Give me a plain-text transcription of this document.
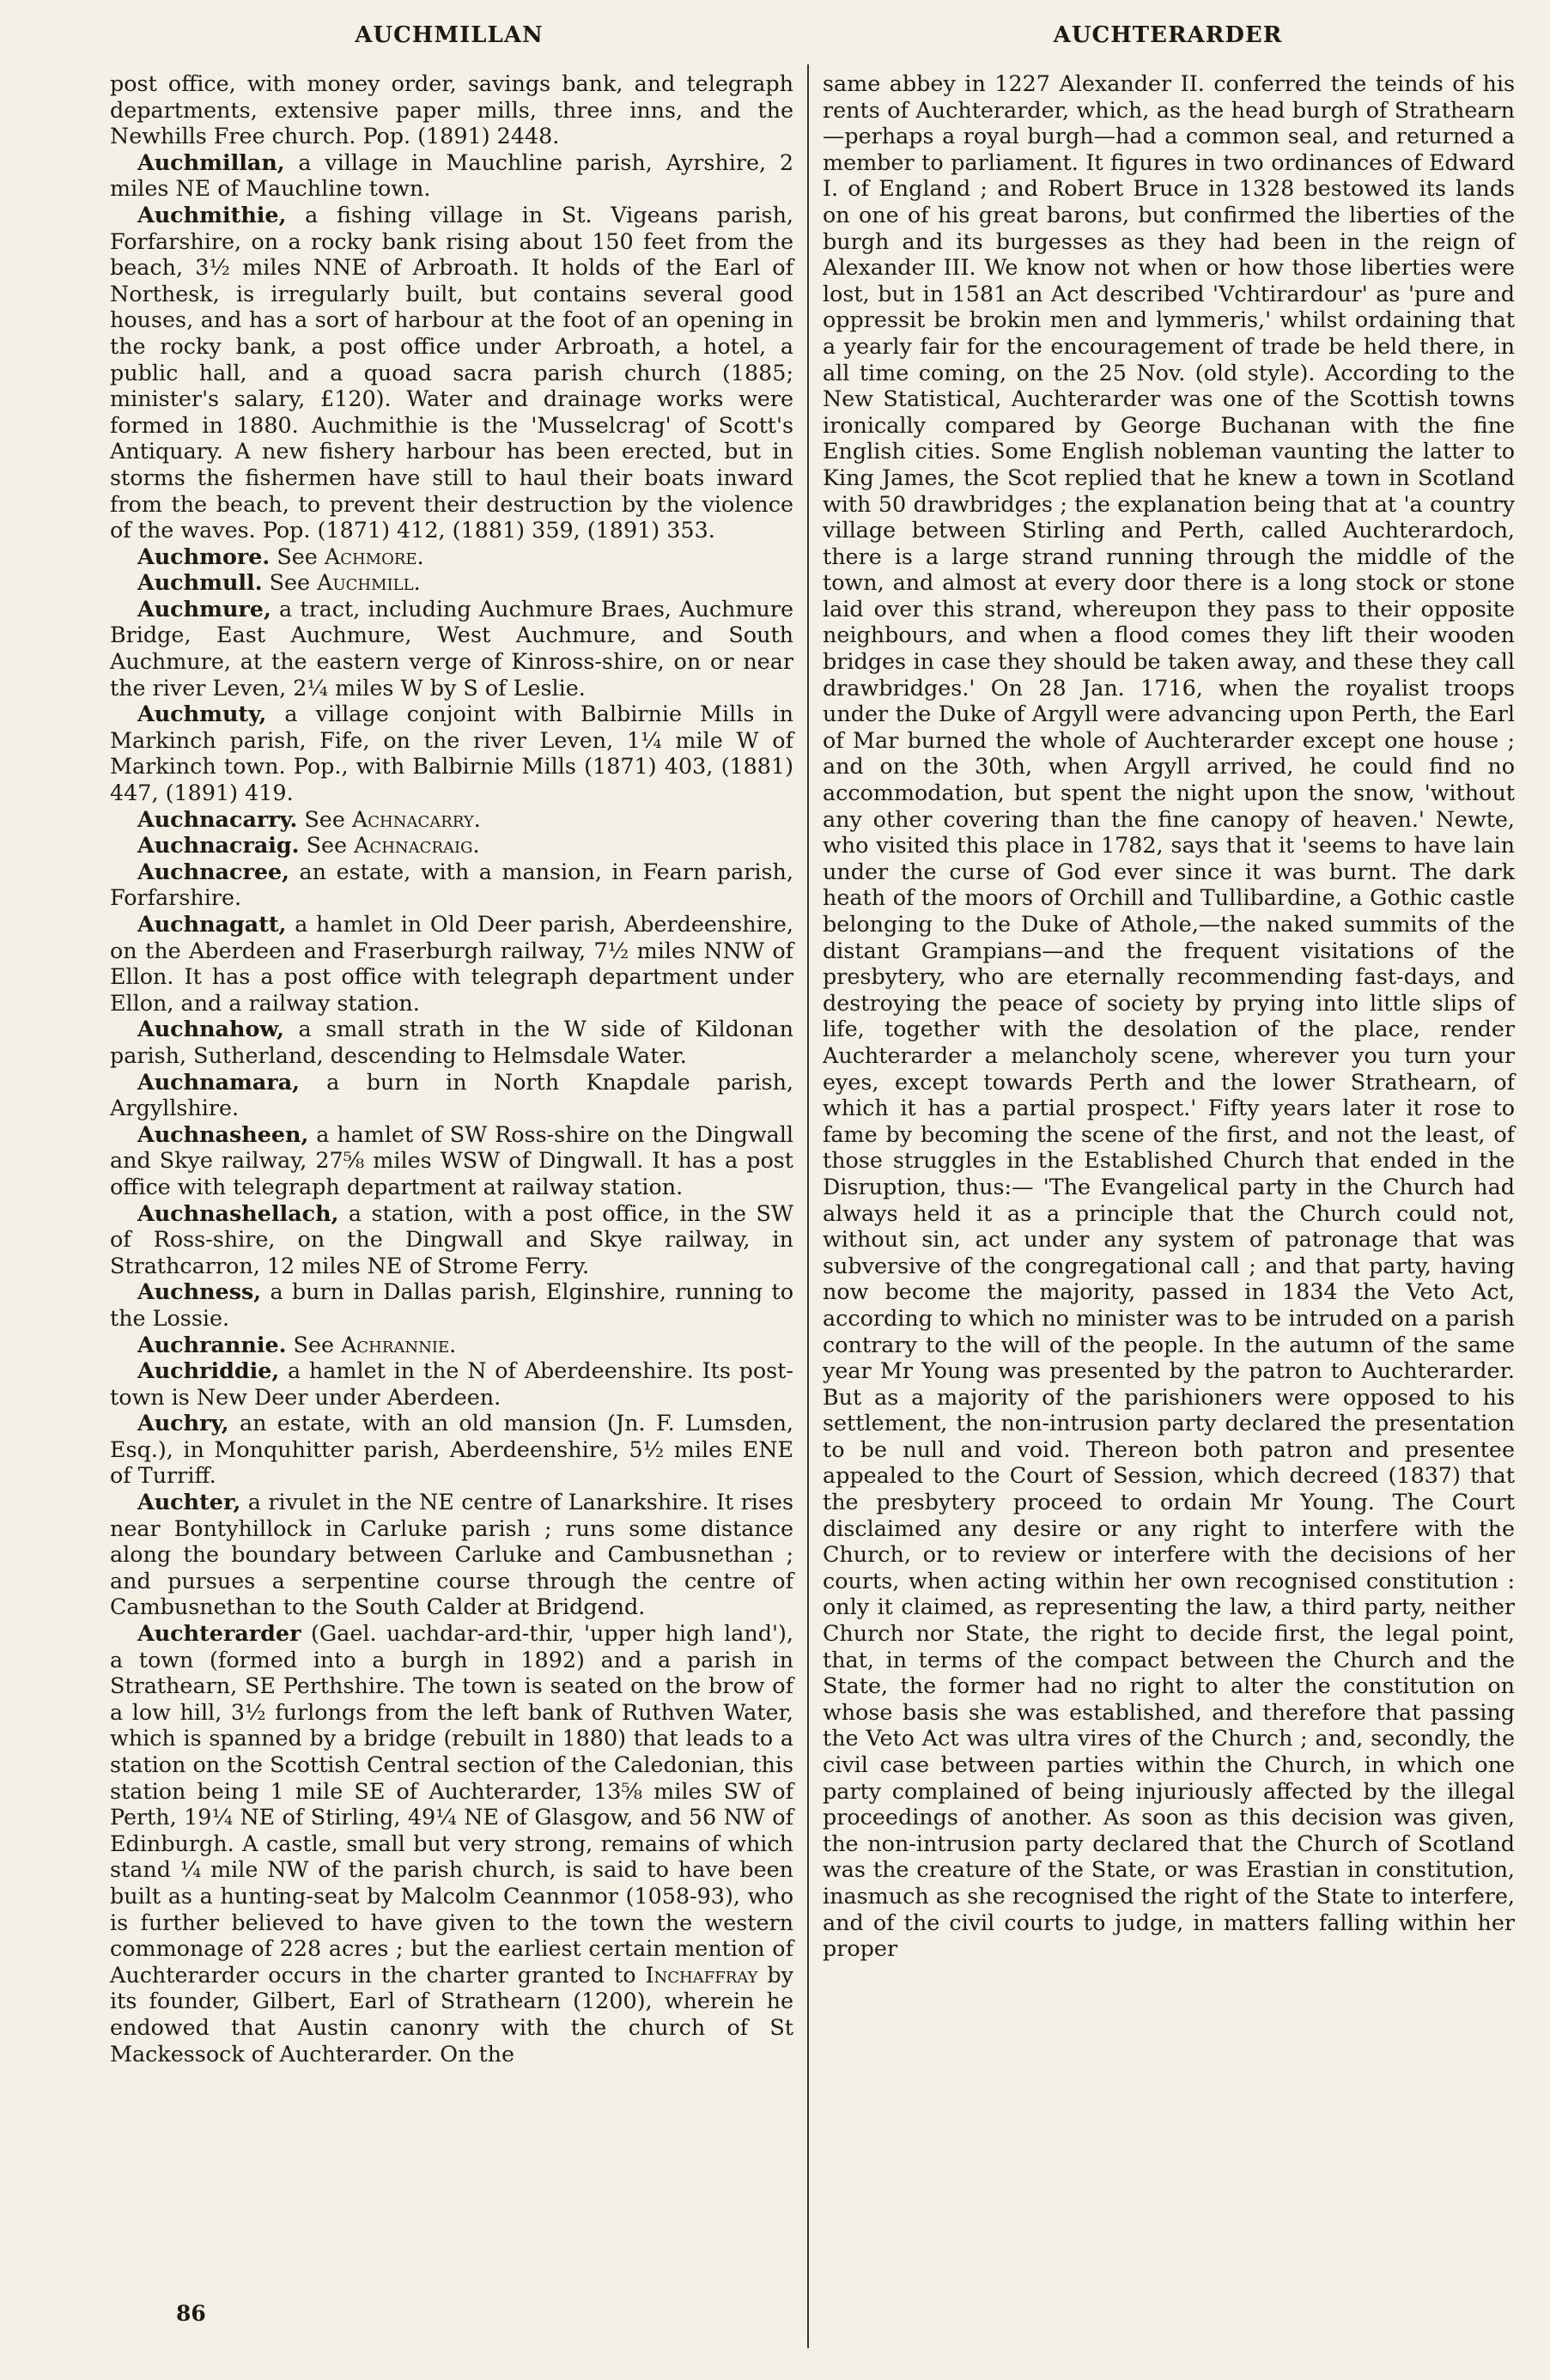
AUCHMILLAN	AUCHTERARDER

post office, with money order, savings bank, and telegraph departments, extensive paper mills, three inns, and the Newhills Free church. Pop. (1891) 2448.

Auchmillan, a village in Mauchline parish, Ayrshire, 2 miles NE of Mauchline town.

Auchmithie, a fishing village in St. Vigeans parish, Forfarshire, on a rocky bank rising about 150 feet from the beach, 3½ miles NNE of Arbroath. It holds of the Earl of Northesk, is irregularly built, but contains several good houses, and has a sort of harbour at the foot of an opening in the rocky bank, a post office under Arbroath, a hotel, a public hall, and a quoad sacra parish church (1885; minister's salary, £120). Water and drainage works were formed in 1880. Auchmithie is the 'Musselcrag' of Scott's Antiquary. A new fishery harbour has been erected, but in storms the fishermen have still to haul their boats inward from the beach, to prevent their destruction by the violence of the waves. Pop. (1871) 412, (1881) 359, (1891) 353.

Auchmore. See Achmore.

Auchmull. See Auchmill.

Auchmure, a tract, including Auchmure Braes, Auchmure Bridge, East Auchmure, West Auchmure, and South Auchmure, at the eastern verge of Kinross-shire, on or near the river Leven, 2¼ miles W by S of Leslie.

Auchmuty, a village conjoint with Balbirnie Mills in Markinch parish, Fife, on the river Leven, 1¼ mile W of Markinch town. Pop., with Balbirnie Mills (1871) 403, (1881) 447, (1891) 419.

Auchnacarry. See Achnacarry.

Auchnacraig. See Achnacraig.

Auchnacree, an estate, with a mansion, in Fearn parish, Forfarshire.

Auchnagatt, a hamlet in Old Deer parish, Aberdeenshire, on the Aberdeen and Fraserburgh railway, 7½ miles NNW of Ellon. It has a post office with telegraph department under Ellon, and a railway station.

Auchnahow, a small strath in the W side of Kildonan parish, Sutherland, descending to Helmsdale Water.

Auchnamara, a burn in North Knapdale parish, Argyllshire.

Auchnasheen, a hamlet of SW Ross-shire on the Dingwall and Skye railway, 27⅝ miles WSW of Dingwall. It has a post office with telegraph department at railway station.

Auchnashellach, a station, with a post office, in the SW of Ross-shire, on the Dingwall and Skye railway, in Strathcarron, 12 miles NE of Strome Ferry.

Auchness, a burn in Dallas parish, Elginshire, running to the Lossie.

Auchrannie. See Achrannie.

Auchriddie, a hamlet in the N of Aberdeenshire. Its post-town is New Deer under Aberdeen.

Auchry, an estate, with an old mansion (Jn. F. Lumsden, Esq.), in Monquhitter parish, Aberdeenshire, 5½ miles ENE of Turriff.

Auchter, a rivulet in the NE centre of Lanarkshire. It rises near Bontyhillock in Carluke parish ; runs some distance along the boundary between Carluke and Cambusnethan ; and pursues a serpentine course through the centre of Cambusnethan to the South Calder at Bridgend.

Auchterarder (Gael. uachdar-ard-thir, 'upper high land'), a town (formed into a burgh in 1892) and a parish in Strathearn, SE Perthshire. The town is seated on the brow of a low hill, 3½ furlongs from the left bank of Ruthven Water, which is spanned by a bridge (rebuilt in 1880) that leads to a station on the Scottish Central section of the Caledonian, this station being 1 mile SE of Auchterarder, 13⅝ miles SW of Perth, 19¼ NE of Stirling, 49¼ NE of Glasgow, and 56 NW of Edinburgh. A castle, small but very strong, remains of which stand ¼ mile NW of the parish church, is said to have been built as a hunting-seat by Malcolm Ceannmor (1058-93), who is further believed to have given to the town the western commonage of 228 acres ; but the earliest certain mention of Auchterarder occurs in the charter granted to Inchaffray by its founder, Gilbert, Earl of Strathearn (1200), wherein he endowed that Austin canonry with the church of St Mackessock of Auchterarder. On the

same abbey in 1227 Alexander II. conferred the teinds of his rents of Auchterarder, which, as the head burgh of Strathearn—perhaps a royal burgh—had a common seal, and returned a member to parliament. It figures in two ordinances of Edward I. of England ; and Robert Bruce in 1328 bestowed its lands on one of his great barons, but confirmed the liberties of the burgh and its burgesses as they had been in the reign of Alexander III. We know not when or how those liberties were lost, but in 1581 an Act described 'Vchtirardour' as 'pure and oppressit be brokin men and lymmeris,' whilst ordaining that a yearly fair for the encouragement of trade be held there, in all time coming, on the 25 Nov. (old style). According to the New Statistical, Auchterarder was one of the Scottish towns ironically compared by George Buchanan with the fine English cities. Some English nobleman vaunting the latter to King James, the Scot replied that he knew a town in Scotland with 50 drawbridges ; the explanation being that at 'a country village between Stirling and Perth, called Auchterardoch, there is a large strand running through the middle of the town, and almost at every door there is a long stock or stone laid over this strand, whereupon they pass to their opposite neighbours, and when a flood comes they lift their wooden bridges in case they should be taken away, and these they call drawbridges.' On 28 Jan. 1716, when the royalist troops under the Duke of Argyll were advancing upon Perth, the Earl of Mar burned the whole of Auchterarder except one house ; and on the 30th, when Argyll arrived, he could find no accommodation, but spent the night upon the snow, 'without any other covering than the fine canopy of heaven.' Newte, who visited this place in 1782, says that it 'seems to have lain under the curse of God ever since it was burnt. The dark heath of the moors of Orchill and Tullibardine, a Gothic castle belonging to the Duke of Athole,—the naked summits of the distant Grampians—and the frequent visitations of the presbytery, who are eternally recommending fast-days, and destroying the peace of society by prying into little slips of life, together with the desolation of the place, render Auchterarder a melancholy scene, wherever you turn your eyes, except towards Perth and the lower Strathearn, of which it has a partial prospect.' Fifty years later it rose to fame by becoming the scene of the first, and not the least, of those struggles in the Established Church that ended in the Disruption, thus:— 'The Evangelical party in the Church had always held it as a principle that the Church could not, without sin, act under any system of patronage that was subversive of the congregational call ; and that party, having now become the majority, passed in 1834 the Veto Act, according to which no minister was to be intruded on a parish contrary to the will of the people. In the autumn of the same year Mr Young was presented by the patron to Auchterarder. But as a majority of the parishioners were opposed to his settlement, the non-intrusion party declared the presentation to be null and void. Thereon both patron and presentee appealed to the Court of Session, which decreed (1837) that the presbytery proceed to ordain Mr Young. The Court disclaimed any desire or any right to interfere with the Church, or to review or interfere with the decisions of her courts, when acting within her own recognised constitution : only it claimed, as representing the law, a third party, neither Church nor State, the right to decide first, the legal point, that, in terms of the compact between the Church and the State, the former had no right to alter the constitution on whose basis she was established, and therefore that passing the Veto Act was ultra vires of the Church ; and, secondly, the civil case between parties within the Church, in which one party complained of being injuriously affected by the illegal proceedings of another. As soon as this decision was given, the non-intrusion party declared that the Church of Scotland was the creature of the State, or was Erastian in constitution, inasmuch as she recognised the right of the State to interfere, and of the civil courts to judge, in matters falling within her proper

86
